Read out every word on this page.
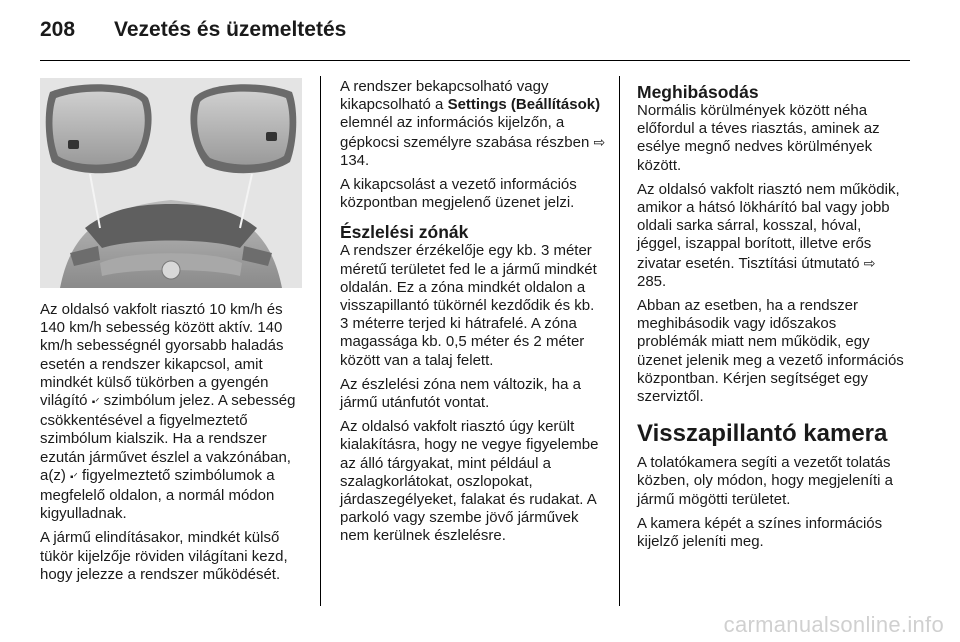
208	Vezetés és üzemeltetés

Az oldalsó vakfolt riasztó 10 km/h és 140 km/h sebesség között aktív. 140 km/h sebességnél gyorsabb haladás esetén a rendszer kikapcsol, amit mindkét külső tükörben a gyengén világító ▪ᐟ szimbólum jelez. A sebesség csökkentésével a figyelmeztető szimbólum kialszik. Ha a rendszer ezután járművet észlel a vakzónában, a(z) ▪ᐟ figyelmeztető szimbólumok a megfelelő oldalon, a normál módon kigyulladnak.

A jármű elindításakor, mindkét külső tükör kijelzője röviden világítani kezd, hogy jelezze a rendszer működését.

A rendszer bekapcsolható vagy kikapcsolható a Settings (Beállítások) elemnél az információs kijelzőn, a gépkocsi személyre szabása részben ⇨ 134.

A kikapcsolást a vezető információs központban megjelenő üzenet jelzi.

Észlelési zónák

A rendszer érzékelője egy kb. 3 méter méretű területet fed le a jármű mindkét oldalán. Ez a zóna mindkét oldalon a visszapillantó tükörnél kezdődik és kb. 3 méterre terjed ki hátrafelé. A zóna magassága kb. 0,5 méter és 2 méter között van a talaj felett.

Az észlelési zóna nem változik, ha a jármű utánfutót vontat.

Az oldalsó vakfolt riasztó úgy került kialakításra, hogy ne vegye figyelembe az álló tárgyakat, mint például a szalagkorlátokat, oszlopokat, járdaszegélyeket, falakat és rudakat. A parkoló vagy szembe jövő járművek nem kerülnek észlelésre.

Meghibásodás

Normális körülmények között néha előfordul a téves riasztás, aminek az esélye megnő nedves körülmények között.

Az oldalsó vakfolt riasztó nem működik, amikor a hátsó lökhárító bal vagy jobb oldali sarka sárral, kosszal, hóval, jéggel, iszappal borított, illetve erős zivatar esetén. Tisztítási útmutató ⇨ 285.

Abban az esetben, ha a rendszer meghibásodik vagy időszakos problémák miatt nem működik, egy üzenet jelenik meg a vezető információs központban. Kérjen segítséget egy szerviztől.

Visszapillantó kamera

A tolatókamera segíti a vezetőt tolatás közben, oly módon, hogy megjeleníti a jármű mögötti területet.

A kamera képét a színes információs kijelző jeleníti meg.

carmanualsonline.info
